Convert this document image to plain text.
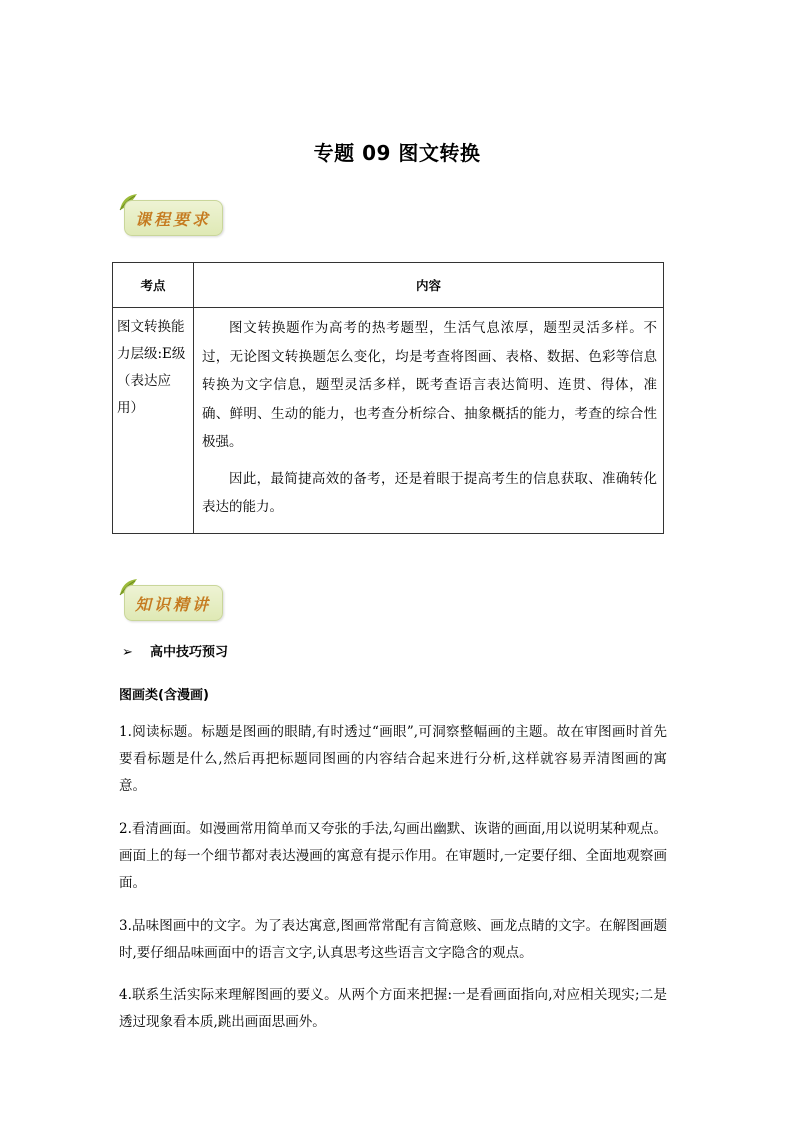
专题 09 图文转换
课程要求
考点	内容
图文转换能力层级:E级（表达应用）	图文转换题作为高考的热考题型，生活气息浓厚，题型灵活多样。不过，无论图文转换题怎么变化，均是考查将图画、表格、数据、色彩等信息转换为文字信息，题型灵活多样，既考查语言表达简明、连贯、得体，准确、鲜明、生动的能力，也考查分析综合、抽象概括的能力，考查的综合性极强。

因此，最简捷高效的备考，还是着眼于提高考生的信息获取、准确转化表达的能力。

知识精讲
➢ 高中技巧预习
图画类(含漫画)
1.阅读标题。标题是图画的眼睛,有时透过“画眼”,可洞察整幅画的主题。故在审图画时首先要看标题是什么,然后再把标题同图画的内容结合起来进行分析,这样就容易弄清图画的寓意。
2.看清画面。如漫画常用简单而又夸张的手法,勾画出幽默、诙谐的画面,用以说明某种观点。画面上的每一个细节都对表达漫画的寓意有提示作用。在审题时,一定要仔细、全面地观察画面。
3.品味图画中的文字。为了表达寓意,图画常常配有言简意赅、画龙点睛的文字。在解图画题时,要仔细品味画面中的语言文字,认真思考这些语言文字隐含的观点。
4.联系生活实际来理解图画的要义。从两个方面来把握:一是看画面指向,对应相关现实;二是透过现象看本质,跳出画面思画外。
